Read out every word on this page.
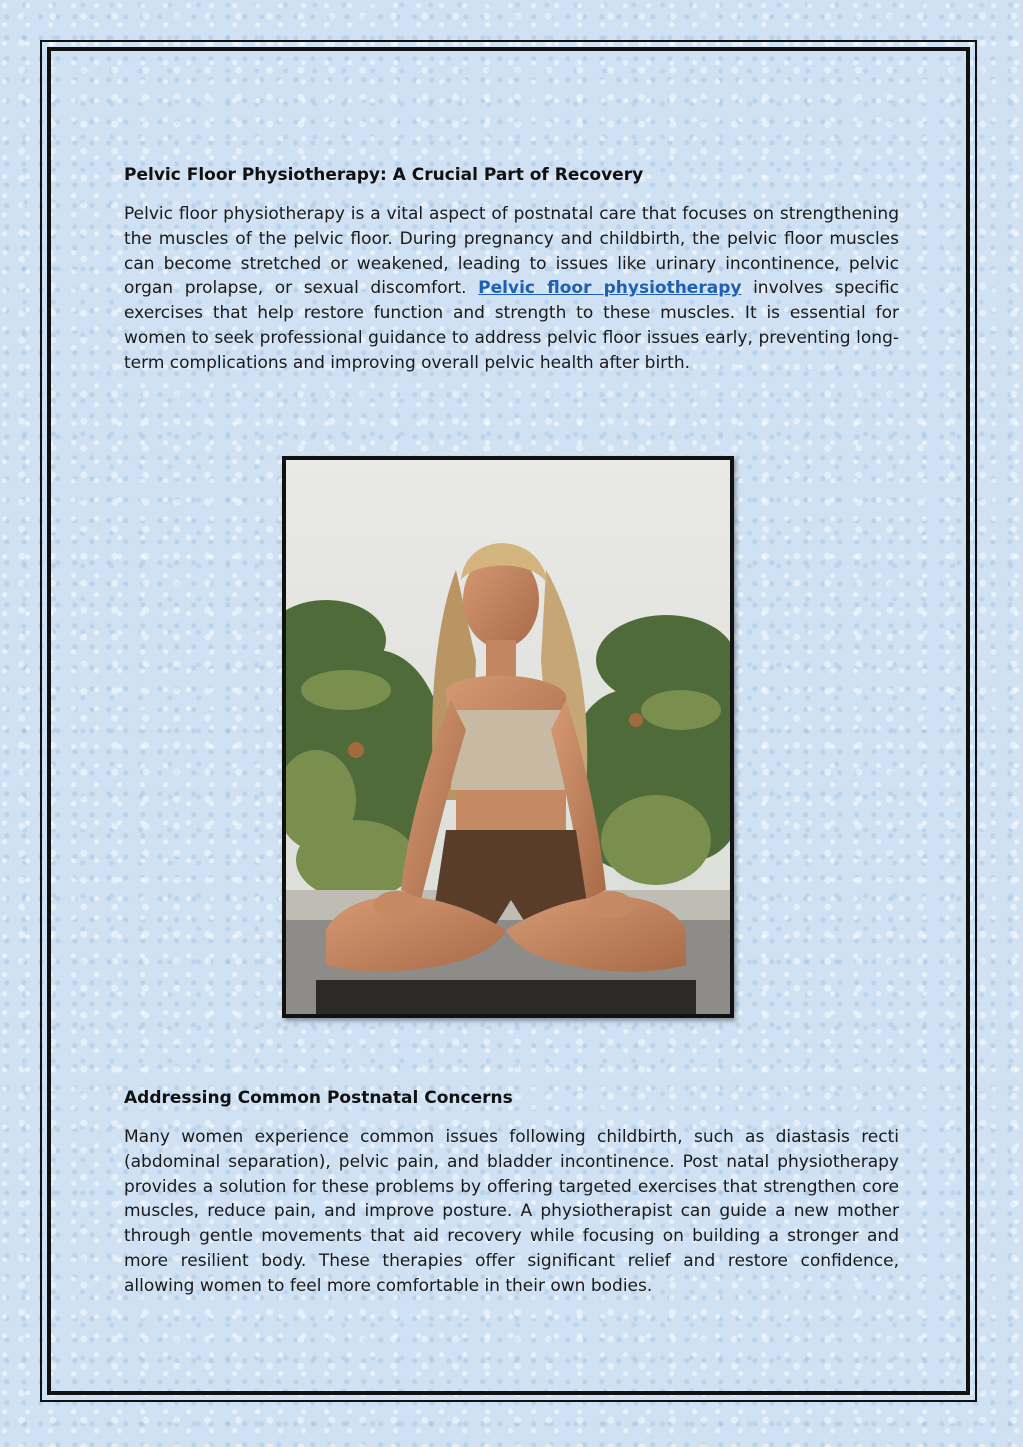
Pelvic Floor Physiotherapy: A Crucial Part of Recovery

Pelvic floor physiotherapy is a vital aspect of postnatal care that focuses on strengthening the muscles of the pelvic floor. During pregnancy and childbirth, the pelvic floor muscles can become stretched or weakened, leading to issues like urinary incontinence, pelvic organ prolapse, or sexual discomfort. Pelvic floor physiotherapy involves specific exercises that help restore function and strength to these muscles. It is essential for women to seek professional guidance to address pelvic floor issues early, preventing long-term complications and improving overall pelvic health after birth.

Addressing Common Postnatal Concerns

Many women experience common issues following childbirth, such as diastasis recti (abdominal separation), pelvic pain, and bladder incontinence. Post natal physiotherapy provides a solution for these problems by offering targeted exercises that strengthen core muscles, reduce pain, and improve posture. A physiotherapist can guide a new mother through gentle movements that aid recovery while focusing on building a stronger and more resilient body. These therapies offer significant relief and restore confidence, allowing women to feel more comfortable in their own bodies.
